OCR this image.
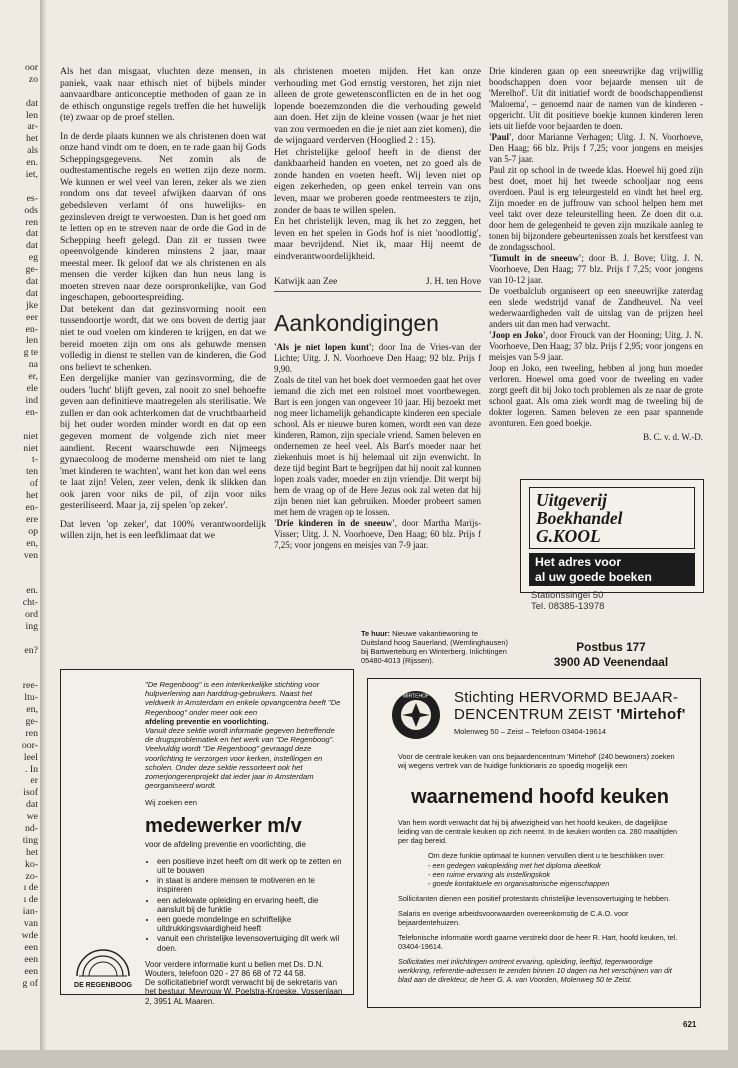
oor
zo
dat
len
ar-
het
als
en.
iet,
es-
ods
ren
dat
dat
eg
ge-
dat
dat
jke
eer
en-
len
g te
na
er,
ele
ind
en-
niet
niet
t-
ten
of
het
en-
ere
op
en,
ven
en.
cht-
ord
ing
en?
ree-
ltu-
en,
ge-
ren
oor-
leel
. In
er
isof
dat
we
nd-
ting
het
ko-
zo-
ı de
ı de
ian-
van
wde
een
een
een
g of

Als het dan misgaat, vluchten deze mensen, in paniek, vaak naar ethisch niet of bijbels minder aanvaardbare anticonceptie methoden of gaan ze in de ethisch ongunstige regels treffen die het huwelijk (te) zwaar op de proef stellen.

In de derde plaats kunnen we als christenen doen wat onze hand vindt om te doen, en te rade gaan bij Gods Scheppingsgegevens. Net zomin als de oudtestamentische regels en wetten zijn deze norm. We kunnen er wel veel van leren, zeker als we zien rondom ons dat teveel afwijken daarvan óf ons gebedsleven verlamt óf ons huwelijks- en gezinsleven dreigt te verwoesten. Dan is het goed om te letten op en te streven naar de orde die God in de Schepping heeft gelegd. Dan zit er tussen twee opeenvolgende kinderen minstens 2 jaar, maar meestal meer. Ik geloof dat we als christenen en als mensen die verder kijken dan hun neus lang is moeten streven naar deze oorspronkelijke, van God ingeschapen, geboortespreiding.

Dat betekent dan dat gezinsvorming nooit een tussendoortje wordt, dat we ons boven de dertig jaar niet te oud voelen om kinderen te krijgen, en dat we bereid moeten zijn om ons als gehuwde mensen volledig in dienst te stellen van de kinderen, die God ons believt te schenken.

Een dergelijke manier van gezinsvorming, die de ouders 'lucht' blijft geven, zal nooit zo snel behoefte geven aan definitieve maatregelen als sterilisatie. We zullen er dan ook achterkomen dat de vruchtbaarheid bij het ouder worden minder wordt en dat op een gegeven moment de volgende zich niet meer aandient. Recent waarschuwde een Nijmeegs gynaecoloog de moderne mensheid om niet te lang 'met kinderen te wachten', want het kon dan wel eens te laat zijn! Velen, zeer velen, denk ik slikken dan ook jaren voor niks de pil, of zijn voor niks gesteriliseerd. Maar ja, zij spelen 'op zeker'.

Dat leven 'op zeker', dat 100% verantwoordelijk willen zijn, het is een leefklimaat dat we

als christenen moeten mijden. Het kan onze verhouding met God ernstig verstoren, het zijn niet alleen de grote gewetensconflicten en de in het oog lopende boezemzonden die die verhouding geweld aan doen. Het zijn de kleine vossen (waar je het niet van zou vermoeden en die je niet aan ziet komen), die de wijngaard verderven (Hooglied 2 : 15).

Het christelijke geloof heeft in de dienst der dankbaarheid handen en voeten, net zo goed als de zonde handen en voeten heeft. Wij leven niet op eigen zekerheden, op geen enkel terrein van ons leven, maar we proberen goede rentmeesters te zijn, zonder de baas te willen spelen.

En het christelijk leven, mag ik het zo zeggen, het leven en het spelen in Gods hof is niet 'noodlottig', maar bevrijdend. Niet ik, maar Hij neemt de eindverantwoordelijkheid.

Katwijk aan Zee	J. H. ten Hove
Aankondigingen

'Als je niet lopen kunt'; door Ina de Vries-van der Lichte; Uitg. J. N. Voorhoeve Den Haag; 92 blz. Prijs f 9,90.

Zoals de titel van het boek doet vermoeden gaat het over iemand die zich met een rolstoel moet voortbewegen. Bart is een jongen van ongeveer 10 jaar. Hij bezoekt met nog meer lichamelijk gehandicapte kinderen een speciale school. Als er nieuwe buren komen, wordt een van deze kinderen, Ramon, zijn speciale vriend. Samen beleven en ondernemen ze heel veel. Als Bart's moeder naar het ziekenhuis moet is hij helemaal uit zijn evenwicht. In deze tijd begint Bart te begrijpen dat hij nooit zal kunnen lopen zoals vader, moeder en zijn vriendje. Dit werpt bij hem de vraag op of de Here Jezus ook zal weten dat hij zijn benen niet kan gebruiken. Moeder probeert samen met hem de vragen op te lossen.

'Drie kinderen in de sneeuw', door Martha Marijs-Visser; Uitg. J. N. Voorhoeve, Den Haag; 60 blz. Prijs f 7,25; voor jongens en meisjes van 7-9 jaar.

Drie kinderen gaan op een sneeuwrijke dag vrijwillig boodschappen doen voor bejaarde mensen uit de 'Merelhof'. Uit dit initiatief wordt de boodschappendienst 'Maloema', – genoemd naar de namen van de kinderen - opgericht. Uit dit positieve boekje kunnen kinderen leren iets uit liefde voor bejaarden te doen.

'Paul', door Marianne Verhagen; Uitg. J. N. Voorhoeve, Den Haag; 66 blz. Prijs f 7,25; voor jongens en meisjes van 5-7 jaar.

Paul zit op school in de tweede klas. Hoewel hij goed zijn best doet, moet hij het tweede schooljaar nog eens overdoen. Paul is erg teleurgesteld en vindt het heel erg. Zijn moeder en de juffrouw van school helpen hem met veel takt over deze teleurstelling heen. Ze doen dit o.a. door hem de gelegenheid te geven zijn muzikale aanleg te tonen bij bijzondere gebeurtenissen zoals het kerstfeest van de zondagsschool.

'Tumult in de sneeuw'; door B. J. Bove; Uitg. J. N. Voorhoeve, Den Haag; 77 blz. Prijs f 7,25; voor jongens van 10-12 jaar.

De voetbalclub organiseert op een sneeuwrijke zaterdag een slede wedstrijd vanaf de Zandheuvel. Na veel wederwaardigheden valt de uitslag van de prijzen heel anders uit dan men had verwacht.

'Joop en Joko', door Frouck van der Hooning; Uitg. J. N. Voorhoeve, Den Haag; 37 blz. Prijs f 2,95; voor jongens en meisjes van 5-9 jaar.

Joop en Joko, een tweeling, hebben al jong hun moeder verloren. Hoewel oma goed voor de tweeling en vader zorgt geeft dit bij Joko toch problemen als ze naar de grote school gaat. Als oma ziek wordt mag de tweeling bij de dokter logeren. Samen beleven ze een paar spannende avonturen. Een goed boekje.

B. C. v. d. W.-D.

Uitgeverij
Boekhandel
G.KOOL
Het adres voor
al uw goede boeken
Stationssingel 50
Tel. 08385-13978
Postbus 177
3900 AD Veenendaal
Te huur: Nieuwe vakantiewoning te Duitsland hoog Sauerland, (Wemlinghausen) bij Bartwerteburg en Winterberg. Inlichtingen 05480-4013 (Rijssen).
"De Regenboog" is een interkerkelijke stichting voor hulpverlening aan harddrug-gebruikers. Naast het veldwerk in Amsterdam en enkele opvangcentra heeft "De Regenboog" onder meer ook een
afdeling preventie en voorlichting.
Vanuit deze sektie wordt informatie gegeven betreffende de drugsproblematiek en het werk van "De Regenboog". Veelvuldig wordt "De Regenboog" gevraagd deze voorlichting te verzorgen voor kerken, instellingen en scholen. Onder deze sektie ressorteert ook het zomerjongerenprojekt dat ieder jaar in Amsterdam georganiseerd wordt.
Wij zoeken een
medewerker m/v
voor de afdeling preventie en voorlichting, die
• een positieve inzet heeft om dit werk op te zetten en uit te bouwen
• in staat is andere mensen te motiveren en te inspireren
• een adekwate opleiding en ervaring heeft, die aansluit bij de funktie
• een goede mondelinge en schriftelijke uitdrukkingsvaardigheid heeft
• vanuit een christelijke levensovertuiging dit werk wil doen.
Voor verdere informatie kunt u bellen met Ds. D.N. Wouters, telefoon 020 - 27 86 68 of 72 44 58.
De sollicitatiebrief wordt verwacht bij de sekretaris van het bestuur, Mevrouw W. Poelstra-Kroeske, Vossenlaan 2, 3951 AL Maaren.
DE REGENBOOG
MIRTEHOF Stichting HERVORMD BEJAAR-
DENCENTRUM ZEIST 'Mirtehof'
Molenweg 50 – Zeist – Telefoon 03404-19614

Voor de centrale keuken van ons bejaardencentrum 'Mirtehof' (240 bewoners) zoeken wij wegens vertrek van de huidige funktionaris zo spoedig mogelijk een

waarnemend hoofd keuken

Van hem wordt verwacht dat hij bij afwezigheid van het hoofd keuken, de dagelijkse leiding van de centrale keuken op zich neemt. In de keuken worden ca. 280 maaltijden per dag bereid.

Om deze funktie optimaal te kunnen vervullen dient u te beschikken over:

- een gedegen vakopleiding met het diploma dieetkok
- een ruime ervaring als instellingskok
- goede kontaktuele en organisatorische eigenschappen

Sollicitanten dienen een positief protestants christelijke levensovertuiging te hebben.

Salaris en overige arbeidsvoorwaarden overeenkomstig de C.A.O. voor bejaardentehuizen.

Telefonische informatie wordt gaarne verstrekt door de heer R. Hart, hoofd keuken, tel. 03404-19614.

Sollicitaties met inlichtingen omtrent ervaring, opleiding, leeftijd, tegenwoordige werkkring, referentie-adressen te zenden binnen 10 dagen na het verschijnen van dit blad aan de direkteur, de heer G. A. van Voorden, Molenweg 50 te Zeist.

621
